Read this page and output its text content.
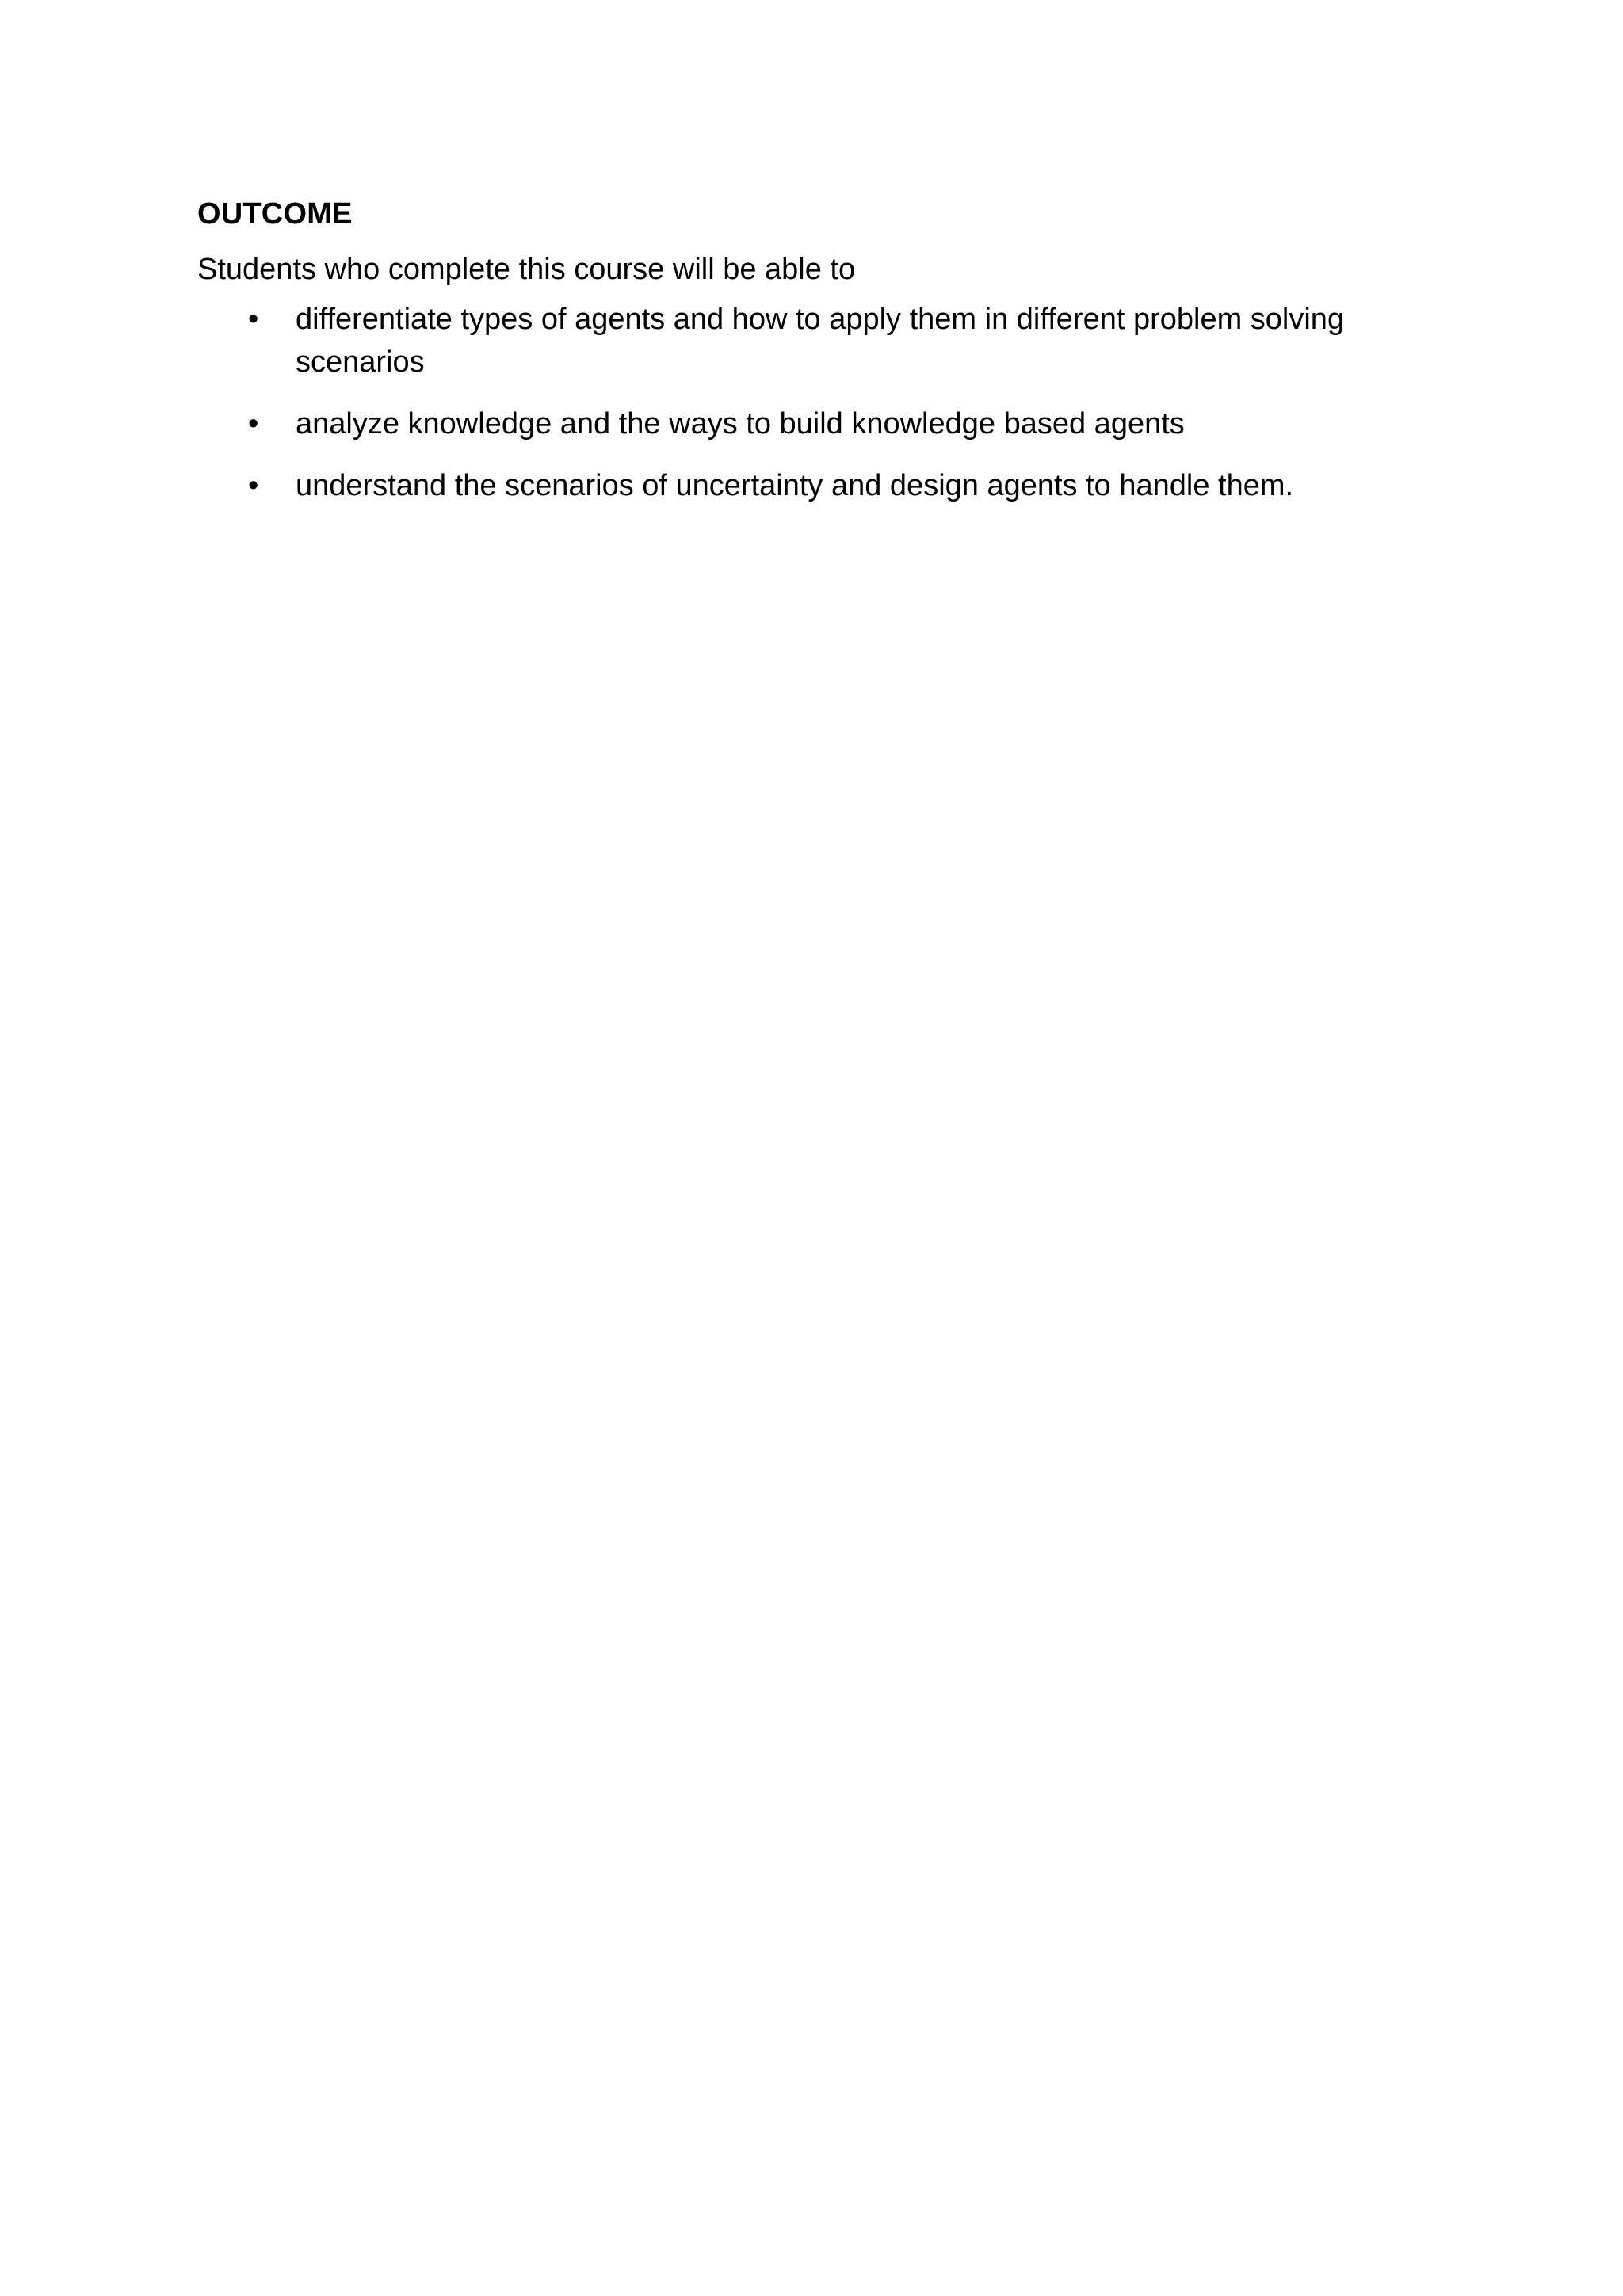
OUTCOME
Students who complete this course will be able to
• differentiate types of agents and how to apply them in different problem solving scenarios
• analyze knowledge and the ways to build knowledge based agents
• understand the scenarios of uncertainty and design agents to handle them.
